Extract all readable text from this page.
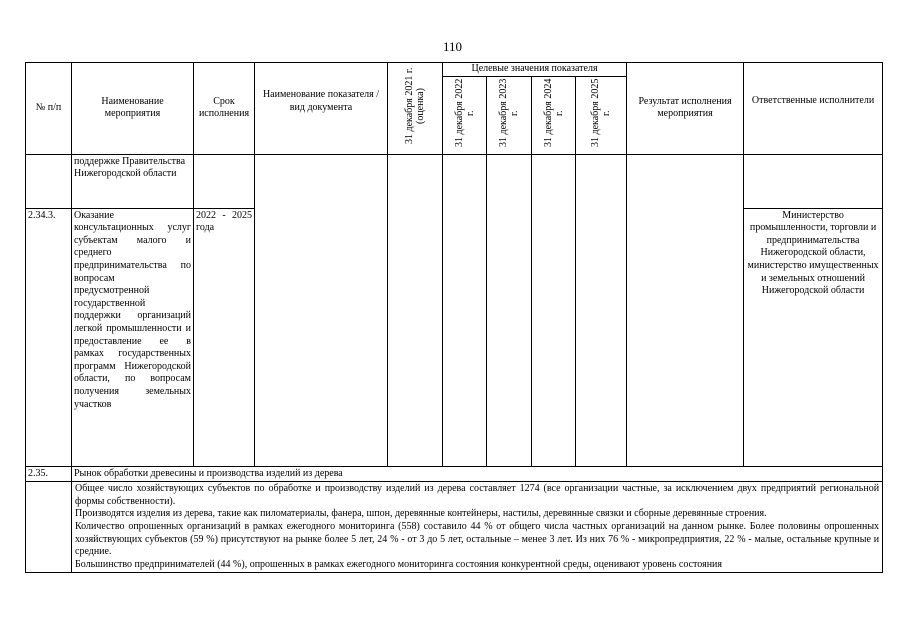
110
№ п/п	Наименование мероприятия	Срок исполнения	Наименование показателя / вид документа	31 декабря 2021 г. (оценка)	Целевые значения показателя				Результат исполнения мероприятия	Ответственные исполнители
					31 декабря 2022 г.	31 декабря 2023 г.	31 декабря 2024 г.	31 декабря 2025 г.		
	поддержке Правительства Нижегородской области									
2.34.3.	Оказание консультационных услуг субъектам малого и среднего предпринимательства по вопросам предусмотренной государственной поддержки организаций легкой промышленности и предоставление ее в рамках государственных программ Нижегородской области, по вопросам получения земельных участков	2022 - 2025 года								Министерство промышленности, торговли и предпринимательства Нижегородской области, министерство имущественных и земельных отношений Нижегородской области
2.35.	Рынок обработки древесины и производства изделий из дерева									

	Общее число хозяйствующих субъектов по обработке и производству изделий из дерева составляет 1274 (все организации частные, за исключением двух предприятий региональной формы собственности).
Производятся изделия из дерева, такие как пиломатериалы, фанера, шпон, деревянные контейнеры, настилы, деревянные связки и сборные деревянные строения.
Количество опрошенных организаций в рамках ежегодного мониторинга (558) составило 44 % от общего числа частных организаций на данном рынке. Более половины опрошенных хозяйствующих субъектов (59 %) присутствуют на рынке более 5 лет, 24 % - от 3 до 5 лет, остальные – менее 3 лет. Из них 76 % - микропредприятия, 22 % - малые, остальные крупные и средние.
Большинство предпринимателей (44 %), опрошенных в рамках ежегодного мониторинга состояния конкурентной среды, оценивают уровень состояния									
